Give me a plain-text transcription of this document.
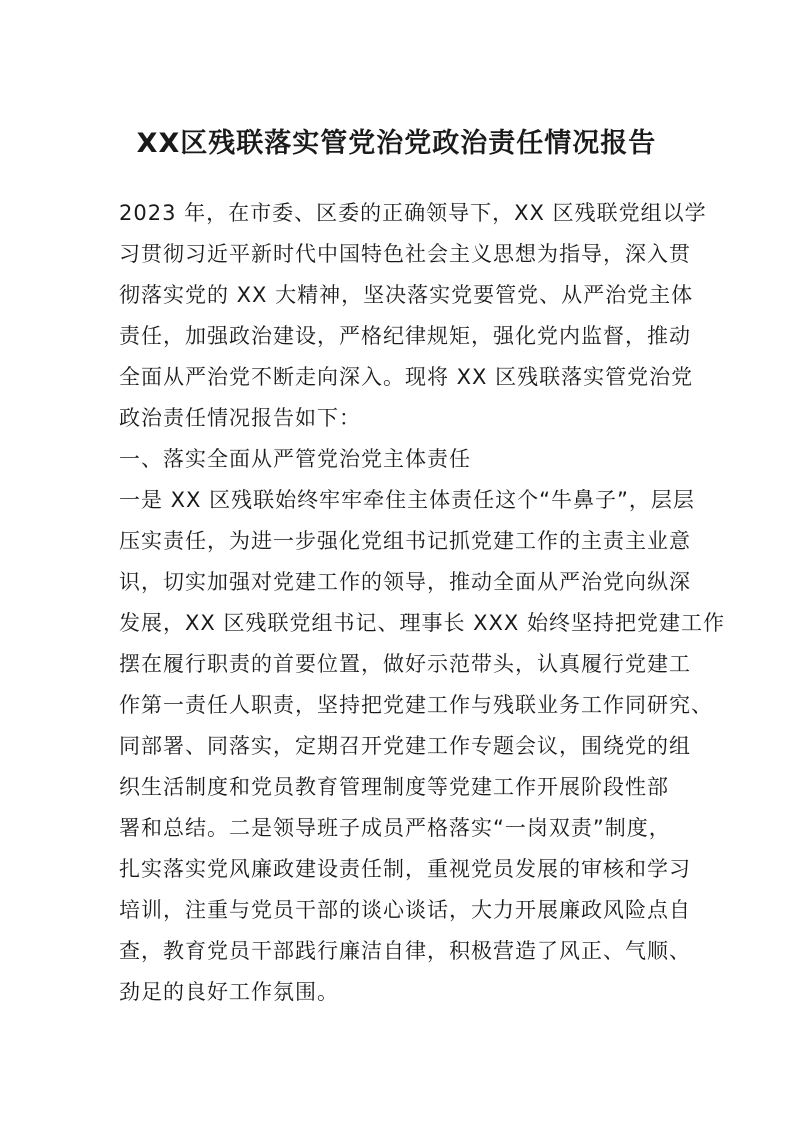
XX区残联落实管党治党政治责任情况报告
2023 年，在市委、区委的正确领导下，XX 区残联党组以学
习贯彻习近平新时代中国特色社会主义思想为指导，深入贯
彻落实党的 XX 大精神，坚决落实党要管党、从严治党主体
责任，加强政治建设，严格纪律规矩，强化党内监督，推动
全面从严治党不断走向深入。现将 XX 区残联落实管党治党
政治责任情况报告如下：
一、落实全面从严管党治党主体责任
一是 XX 区残联始终牢牢牵住主体责任这个“牛鼻子”，层层
压实责任，为进一步强化党组书记抓党建工作的主责主业意
识，切实加强对党建工作的领导，推动全面从严治党向纵深
发展，XX 区残联党组书记、理事长 XXX 始终坚持把党建工作
摆在履行职责的首要位置，做好示范带头，认真履行党建工
作第一责任人职责，坚持把党建工作与残联业务工作同研究、
同部署、同落实，定期召开党建工作专题会议，围绕党的组
织生活制度和党员教育管理制度等党建工作开展阶段性部
署和总结。二是领导班子成员严格落实“一岗双责”制度，
扎实落实党风廉政建设责任制，重视党员发展的审核和学习
培训，注重与党员干部的谈心谈话，大力开展廉政风险点自
查，教育党员干部践行廉洁自律，积极营造了风正、气顺、
劲足的良好工作氛围。
